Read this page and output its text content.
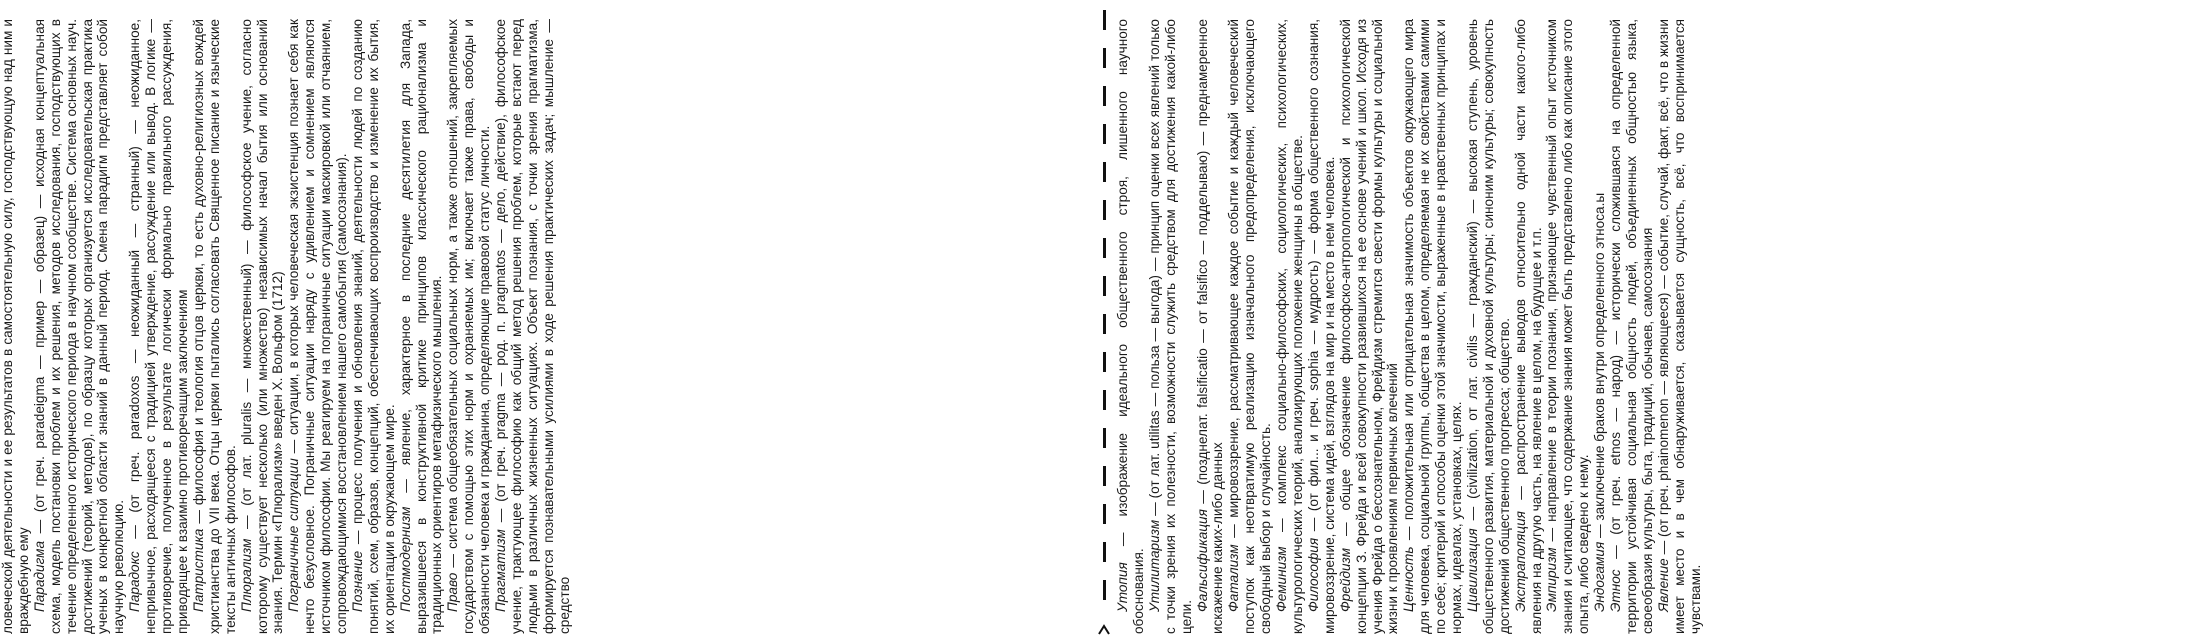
ловеческой деятельности и ее результатов в самостоятельную силу, господствующую над ним и враждебную ему Парадигма — (от греч. paradeigma — пример — образец) — исходная концептуальная схема, модель постановки проблем и их решения, методов исследования, господствующих в течение определенного исторического периода в научном сообществе. Система основных науч. достижений (теорий, методов), по образцу которых организуется исследовательская практика ученых в конкретной области знаний в данный период. Смена парадигм представляет собой научную революцию. Парадокс — (от греч. paradoxos — неожиданный — странный) — неожиданное, непривычное, расходящееся с традицией утверждение, рассуждение или вывод. В логике — противоречие, полученное в результате логически формально правильного рассуждения, приводящее к взаимно противоречащим заключениям Патристика — философия и теология отцов церкви, то есть духовно-религиозных вождей христианства до VII века. Отцы церкви пытались согласовать Священное писание и языческие тексты античных философов. Плюрализм — (от лат. pluralis — множественный) — философское учение, согласно которому существует несколько (или множество) независимых начал бытия или оснований знания. Термин «Плюрализм» введен X. Вольфом (1712) Пограничные ситуации — ситуации, в которых человеческая экзистенция познает себя как нечто безусловное. Пограничные ситуации наряду с удивлением и сомнением являются источником философии. Мы реагируем на пограничные ситуации маскировкой или отчаянием, сопровождающимися восстановлением нашего самобытия (самосознания). Познание — процесс получения и обновления знаний, деятельности людей по созданию понятий, схем, образов, концепций, обеспечивающих воспроизводство и изменение их бытия, их ориентации в окружающем мире. Постмодернизм — явление, характерное в последние десятилетия для Запада, выразившееся в конструктивной критике принципов классического рационализма и традиционных ориентиров метафизического мышления. Право — система общеобязательных социальных норм, а также отношений, закрепляемых государством с помощью этих норм и охраняемых им; включает также права, свободы и обязанности человека и гражданина, определяющие правовой статус личности. Прагматизм — (от греч. pragma — род. п. pragmatos — дело, действие), философское учение, трактующее философию как общий метод решения проблем, которые встают перед людьми в различных жизненных ситуациях. Объект познания, с точки зрения прагматизма, формируется познавательными усилиями в ходе решения практических задач; мышление — средство	Утопия — изображение идеального общественного строя, лишенного научного обоснования. Утилитаризм — (от лат. utilitas — польза — выгода) — принцип оценки всех явлений только с точки зрения их полезности, возможности служить средством для достижения какой-либо цели.

Фальсификация — (позднелат. falsificatio — от falsifico — подделываю) — преднамеренное искажение каких-либо данных Фатализм — мировоззрение, рассматривающее каждое событие и каждый человеческий поступок как неотвратимую реализацию изначального предопределения, исключающего свободный выбор и случайность. Феминизм — комплекс социально-философских, социологических, психологических, культурологических теорий, анализирующих положение женщины в обществе. Философия — (от фил... и греч. sophia — мудрость) — форма общественного сознания, мировоззрение, система идей, взглядов на мир и на место в нем человека. Фрейдизм — общее обозначение философско-антропологической и психологической концепции З. Фрейда и всей совокупности развившихся на ее основе учений и школ. Исходя из учения Фрейда о бессознательном, Фрейдизм стремится свести формы культуры и социальной жизни к проявлениям первичных влечений Ценность — положительная или отрицательная значимость объектов окружающего мира для человека, социальной группы, общества в целом, определяемая не их свойствами самими по себе; критерий и способы оценки этой значимости, выраженные в нравственных принципах и нормах, идеалах, установках, целях. Цивилизация — (civilization, от лат. civilis — гражданский) — высокая ступень, уровень общественного развития, материальной и духовной культуры; синоним культуры; совокупность достижений общественного прогресса; общество. Экстраполяция — распространение выводов относительно одной части какого-либо явления на другую часть, на явление в целом, на будущее и т.п. Эмпиризм — направление в теории познания, признающее чувственный опыт источником знания и считающее, что содержание знания может быть представлено либо как описание этого опыта, либо сведено к нему. Эндогамия — заключение браков внутри определенного этноса.ы

Этнос — (от греч. etnos — народ) — исторически сложившаяся на определенной территории устойчивая социальная общность людей, объединенных общностью языка, своеобразия культуры, быта, традиций, обычаев, самосознания Явление — (от греч. phainomenon — являющееся) — событие, случай, факт, всё, что в жизни имеет место и в чем обнаруживается, сказывается сущность, всё, что воспринимается чувствами.
